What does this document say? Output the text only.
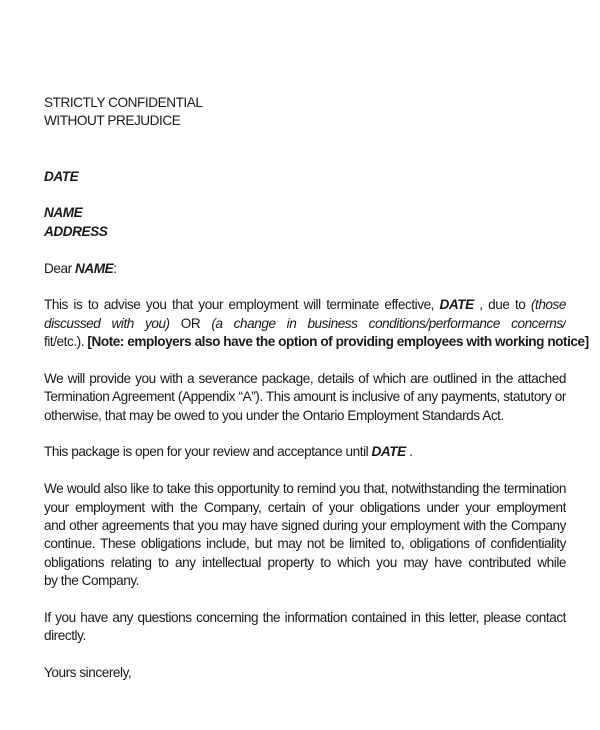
STRICTLY CONFIDENTIAL
WITHOUT PREJUDICE
DATE
NAME
ADDRESS
Dear NAME:
This is to advise you that your employment will terminate effective, DATE , due to (those
discussed with you) OR (a change in business conditions/performance concerns/
fit/etc.). [Note: employers also have the option of providing employees with working notice]
We will provide you with a severance package, details of which are outlined in the attached
Termination Agreement (Appendix “A”). This amount is inclusive of any payments, statutory or
otherwise, that may be owed to you under the Ontario Employment Standards Act.
This package is open for your review and acceptance until DATE .
We would also like to take this opportunity to remind you that, notwithstanding the termination
your employment with the Company, certain of your obligations under your employment
and other agreements that you may have signed during your employment with the Company
continue. These obligations include, but may not be limited to, obligations of confidentiality
obligations relating to any intellectual property to which you may have contributed while
by the Company.
If you have any questions concerning the information contained in this letter, please contact
directly.
Yours sincerely,
